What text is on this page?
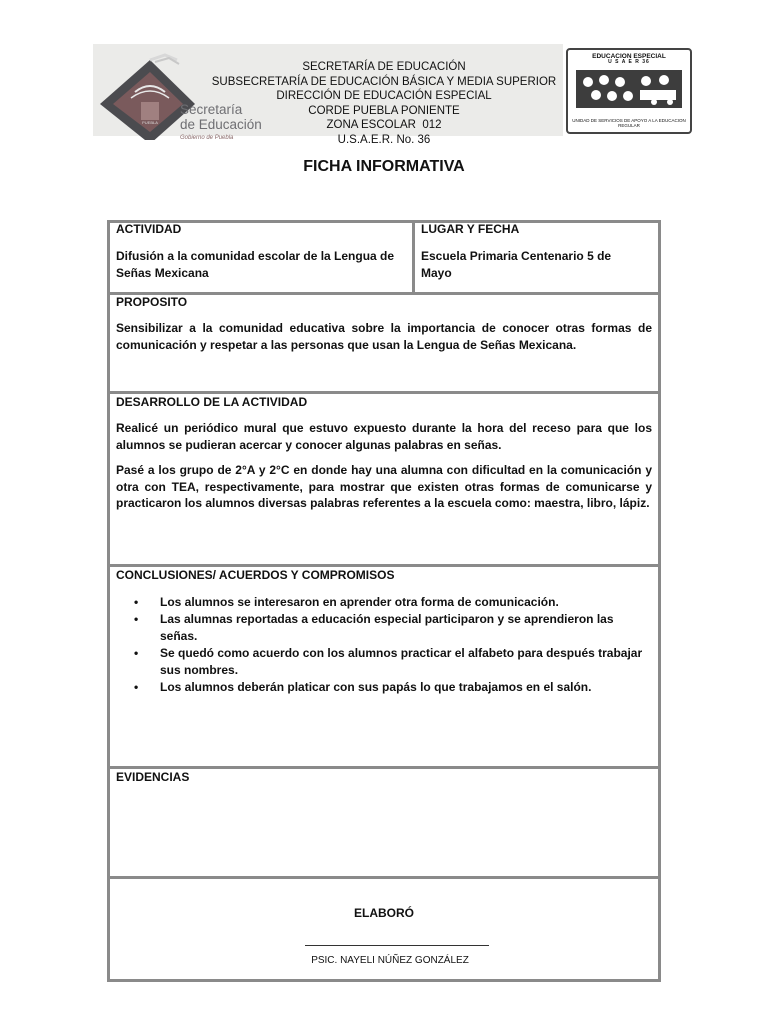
PUEBLA
Secretaría
de Educación
Gobierno de Puebla
SECRETARÍA DE EDUCACIÓN
SUBSECRETARÍA DE EDUCACIÓN BÁSICA Y MEDIA SUPERIOR
DIRECCIÓN DE EDUCACIÓN ESPECIAL
CORDE PUEBLA PONIENTE
ZONA ESCOLAR  012
U.S.A.E.R. No. 36
EDUCACION ESPECIAL
U S A E R 36
UNIDAD DE SERVICIOS DE APOYO A LA EDUCACION REGULAR
FICHA INFORMATIVA
ACTIVIDAD
Difusión a la comunidad escolar de la Lengua de Señas Mexicana
LUGAR Y FECHA
Escuela Primaria Centenario 5 de Mayo
PROPOSITO
Sensibilizar a la comunidad educativa sobre la importancia de conocer otras formas de comunicación y respetar a las personas que usan la Lengua de Señas Mexicana.
DESARROLLO DE LA ACTIVIDAD
Realicé un periódico mural que estuvo expuesto durante la hora del receso para que los alumnos se pudieran acercar y conocer algunas palabras en señas.
Pasé a los grupo de 2°A y 2°C en donde hay una alumna con dificultad en la comunicación y otra con TEA, respectivamente, para mostrar que existen otras formas de comunicarse y practicaron los alumnos diversas palabras referentes a la escuela como: maestra, libro, lápiz.
CONCLUSIONES/ ACUERDOS Y COMPROMISOS
• Los alumnos se interesaron en aprender otra forma de comunicación.
• Las alumnas reportadas a educación especial participaron y se aprendieron las señas.
• Se quedó como acuerdo con los alumnos practicar el alfabeto para después trabajar sus nombres.
• Los alumnos deberán platicar con sus papás lo que trabajamos en el salón.
EVIDENCIAS
ELABORÓ
PSIC. NAYELI NÚÑEZ GONZÁLEZ
